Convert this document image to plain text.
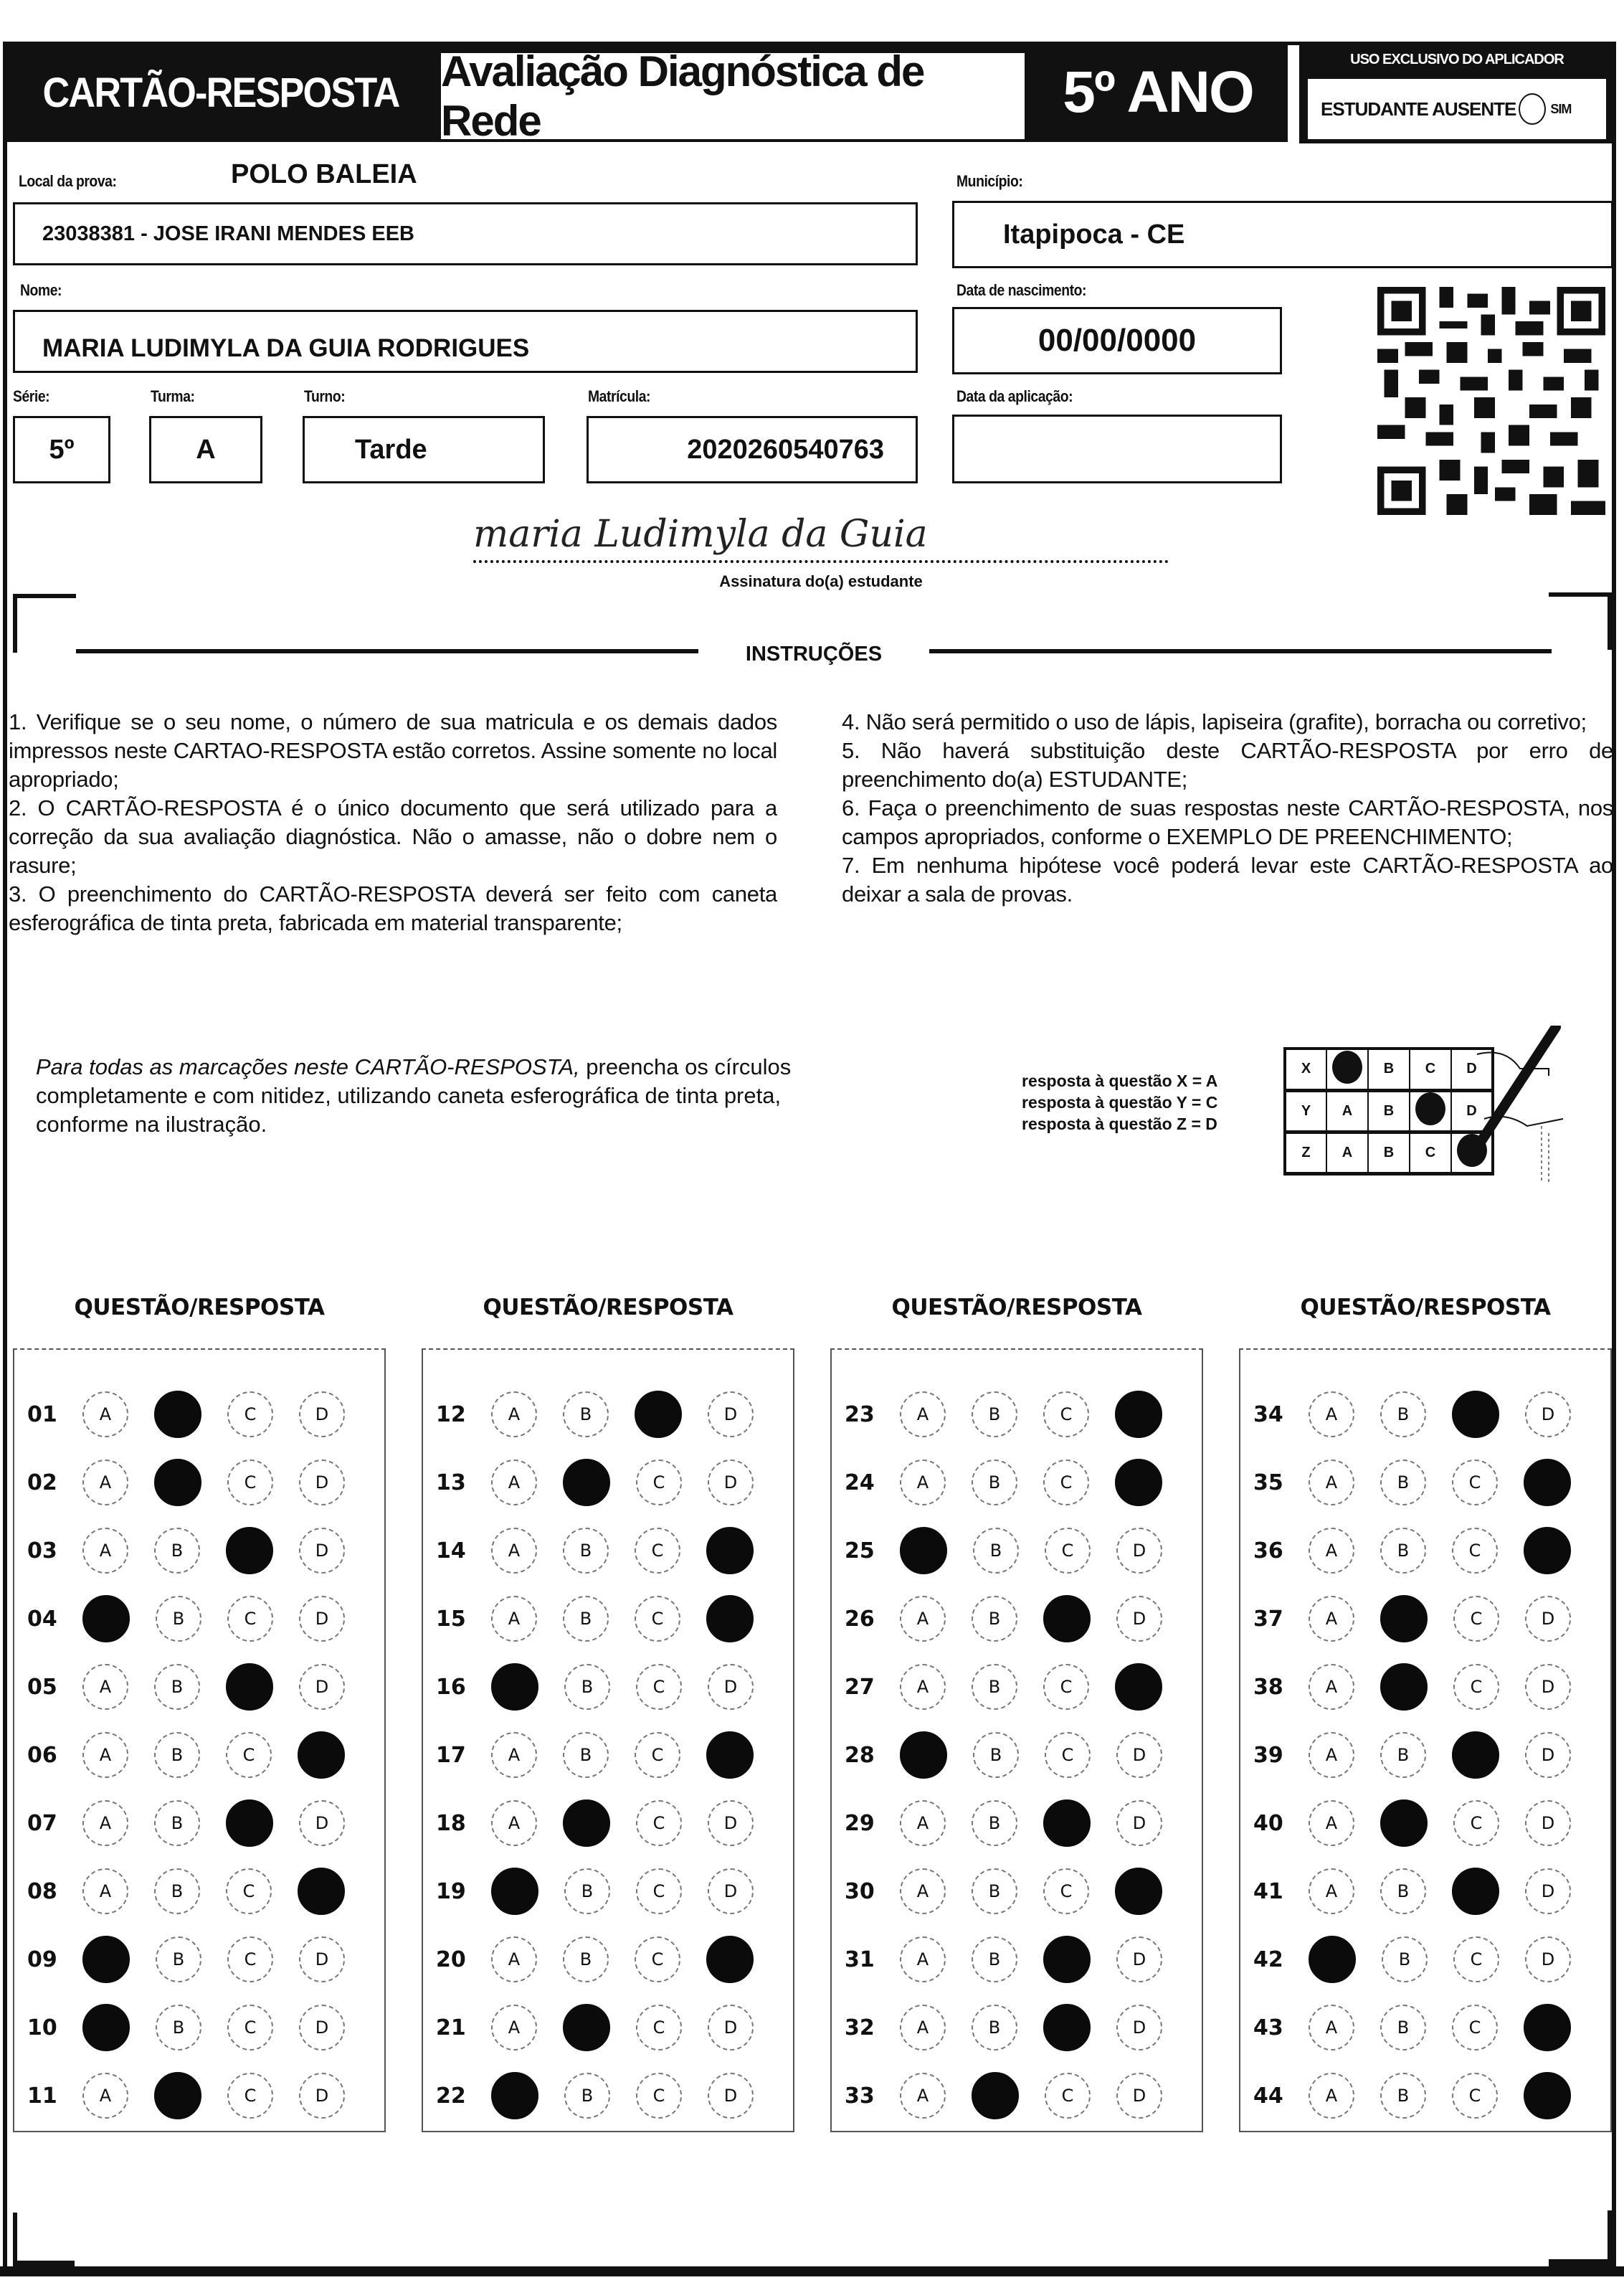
CARTÃO-RESPOSTA Avaliação Diagnóstica de Rede	5º ANO	USO EXCLUSIVO DO APLICADOR
ESTUDANTE AUSENTE	SIM
Local da prova:	POLO BALEIA
23038381 - JOSE IRANI MENDES EEB
Município:
Itapipoca - CE
Nome:
MARIA LUDIMYLA DA GUIA RODRIGUES
Data de nascimento:
00/00/0000
Série:
5º
Turma:
A
Turno:
Tarde
Matrícula:
2020260540763
Data da aplicação:
maria Ludimyla da Guia
Assinatura do(a) estudante
INSTRUÇÕES

1. Verifique se o seu nome, o número de sua matricula e os demais dados impressos neste CARTAO-RESPOSTA estão corretos. Assine somente no local apropriado;

2. O CARTÃO-RESPOSTA é o único documento que será utilizado para a correção da sua avaliação diagnóstica. Não o amasse, não o dobre nem o rasure;

3. O preenchimento do CARTÃO-RESPOSTA deverá ser feito com caneta esferográfica de tinta preta, fabricada em material transparente;

4. Não será permitido o uso de lápis, lapiseira (grafite), borracha ou corretivo;

5. Não haverá substituição deste CARTÃO-RESPOSTA por erro de preenchimento do(a) ESTUDANTE;

6. Faça o preenchimento de suas respostas neste CARTÃO-RESPOSTA, nos campos apropriados, conforme o EXEMPLO DE PREENCHIMENTO;

7. Em nenhuma hipótese você poderá levar este CARTÃO-RESPOSTA ao deixar a sala de provas.

Para todas as marcações neste CARTÃO-RESPOSTA, preencha os círculos completamente e com nitidez, utilizando caneta esferográfica de tinta preta, conforme na ilustração.
resposta à questão X = A
resposta à questão Y = C
resposta à questão Z = D
X		B	C	D
Y	A	B		D
Z	A	B	C	
QUESTÃO/RESPOSTA
01	A	C	D
02	A	C	D
03	A	B	D
04	B	C	D
05	A	B	D
06	A	B	C
07	A	B	D
08	A	B	C
09	B	C	D
10	B	C	D
11	A	C	D
QUESTÃO/RESPOSTA
12	A	B	D
13	A	C	D
14	A	B	C
15	A	B	C
16	B	C	D
17	A	B	C
18	A	C	D
19	B	C	D
20	A	B	C
21	A	C	D
22	B	C	D
QUESTÃO/RESPOSTA
23	A	B	C
24	A	B	C
25	B	C	D
26	A	B	D
27	A	B	C
28	B	C	D
29	A	B	D
30	A	B	C
31	A	B	D
32	A	B	D
33	A	C	D
QUESTÃO/RESPOSTA
34	A	B	D
35	A	B	C
36	A	B	C
37	A	C	D
38	A	C	D
39	A	B	D
40	A	C	D
41	A	B	D
42	B	C	D
43	A	B	C
44	A	B	C
